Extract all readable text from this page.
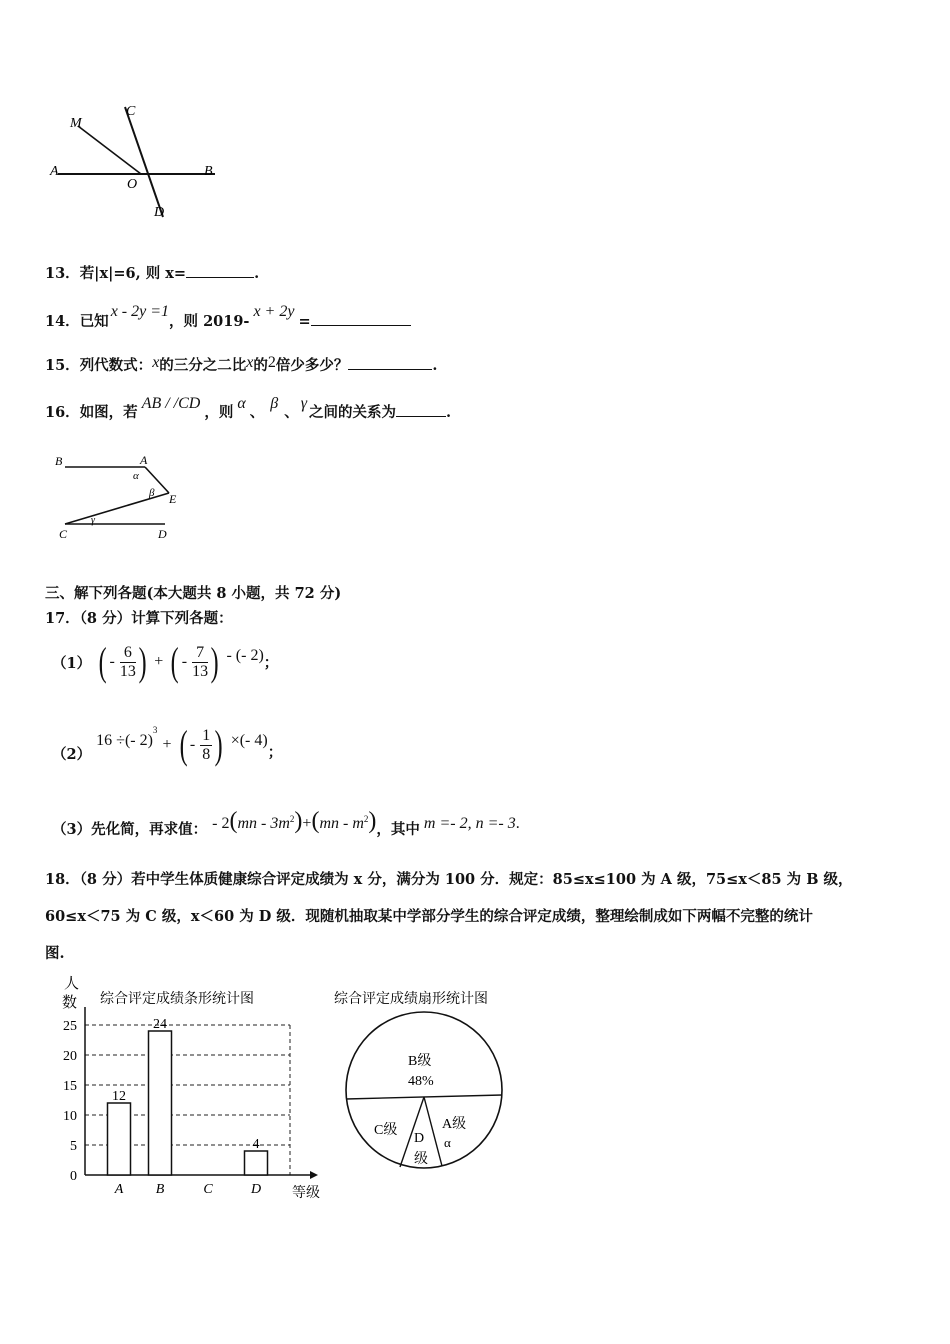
M
C
A
O
B
D
13．若|x|=6, 则 x=	.
14．已知x - 2y =1，则 2019-x + 2y=
15．列代数式：x的三分之二比x的2倍少多少？	.
16．如图，若AB / /CD，则α、β、γ之间的关系为	.
B	A
α
β E
γ
C	D
三、解下列各题(本大题共 8 小题，共 72 分)
17．（8 分）计算下列各题：
（1） ( - $\frac{6}{13}$ ) + ( - $\frac{7}{13}$ ) - (- 2)；
（2） 16 ÷(- 2)$^3$ + ( - $\frac{1}{8}$ ) ×(- 4)；
（3）先化简，再求值： - $2(mn - 3m^2)+(mn - m^2)$，其中 m =- 2, n =- 3.
18．（8 分）若中学生体质健康综合评定成绩为 x 分，满分为 100 分．规定：85≤x≤100 为 A 级，75≤x＜85 为 B 级，
60≤x＜75 为 C 级，x＜60 为 D 级．现随机抽取某中学部分学生的综合评定成绩，整理绘制成如下两幅不完整的统计
图.
人
数 综合评定成绩条形统计图
等级
0
5
10
15
20
25
12
A
24
B	C
4
D
综合评定成绩扇形统计图
B级
48%
A级
α
C级
D
级
